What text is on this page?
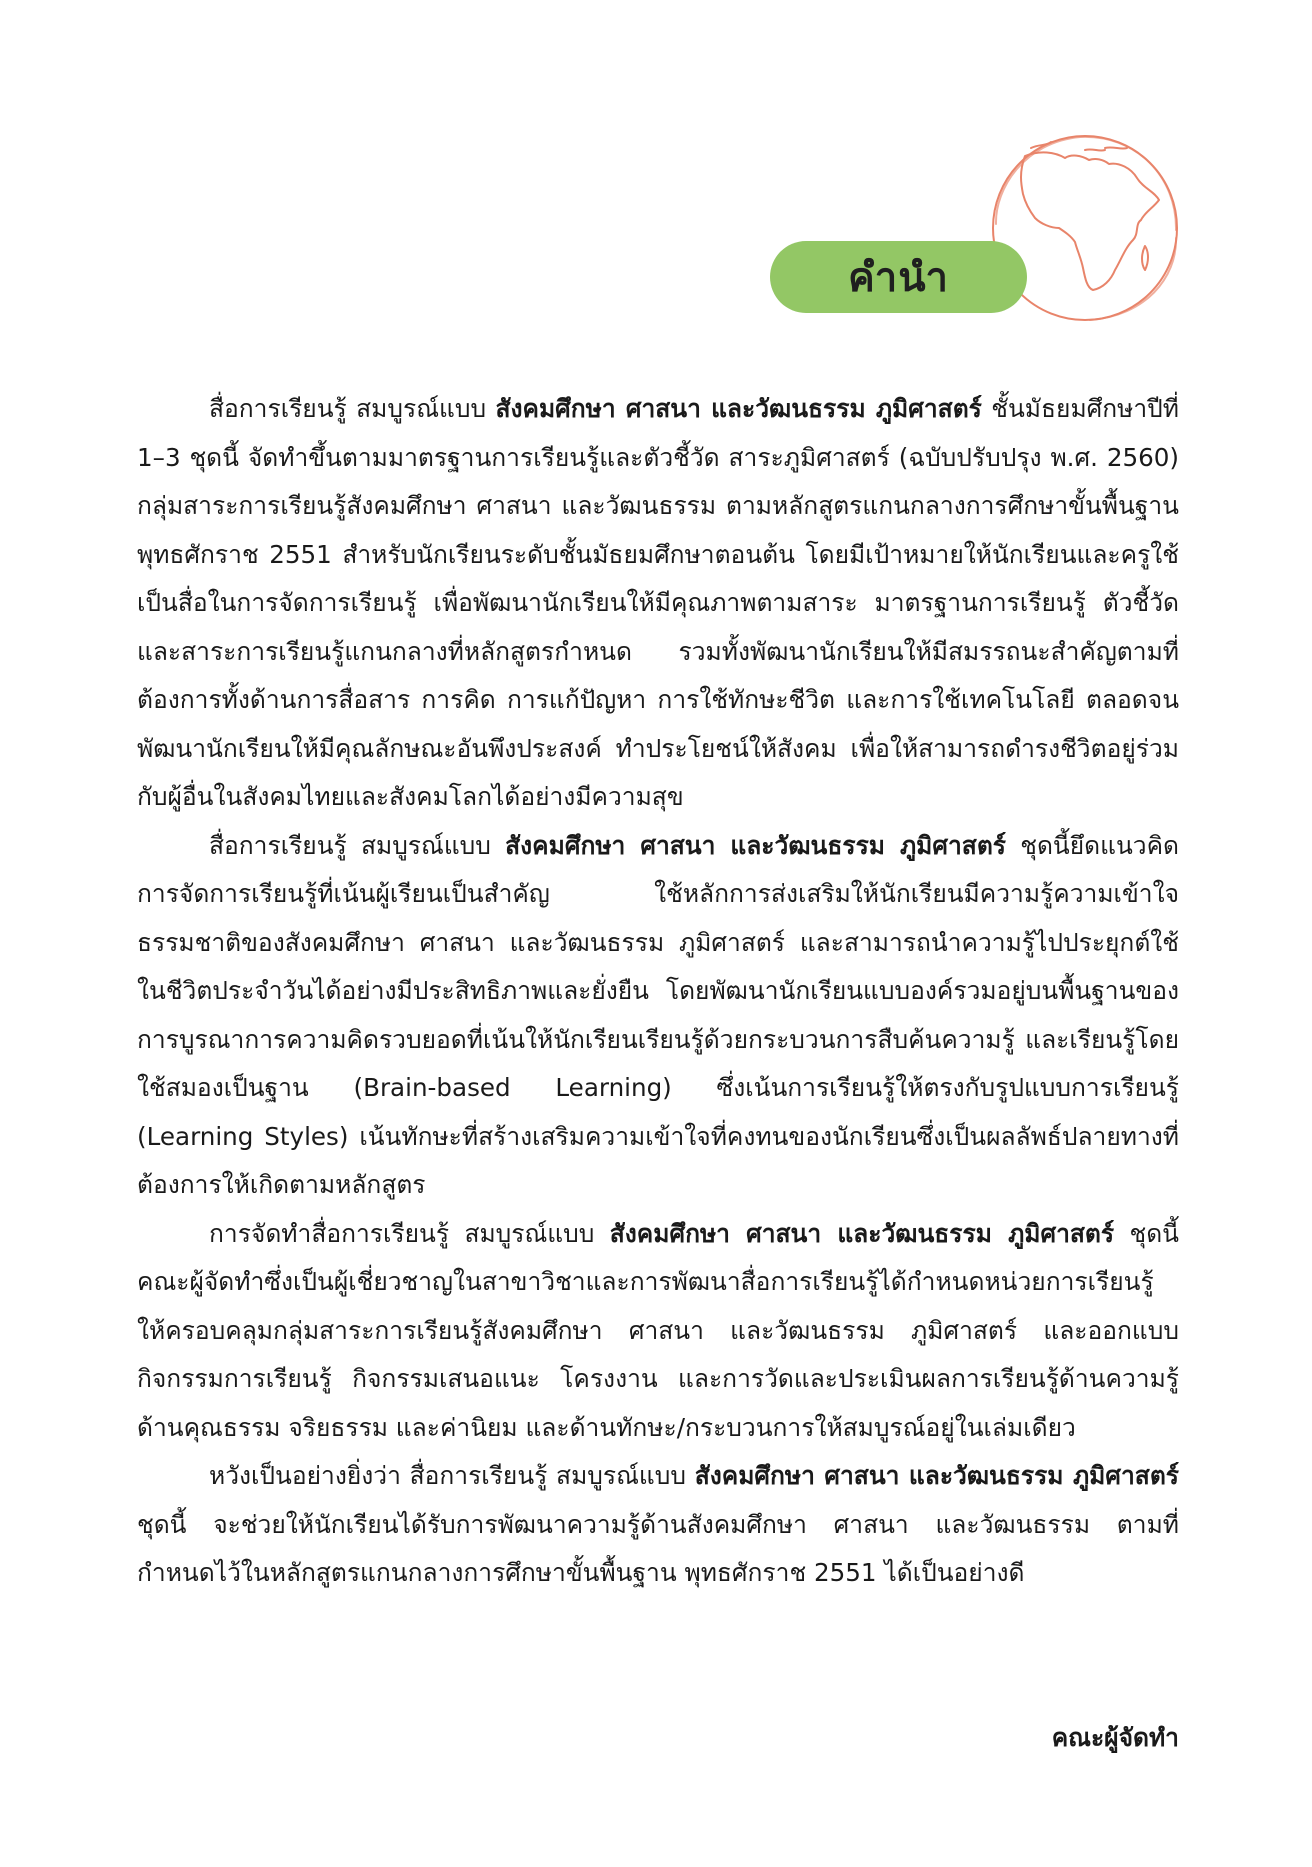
คำนำ

สื่อการเรียนรู้ สมบูรณ์แบบ สังคมศึกษา ศาสนา และวัฒนธรรม ภูมิศาสตร์ ชั้นมัธยมศึกษาปีที่ 1–3 ชุดนี้ จัดทำขึ้นตามมาตรฐานการเรียนรู้และตัวชี้วัด สาระภูมิศาสตร์ (ฉบับปรับปรุง พ.ศ. 2560) กลุ่มสาระการเรียนรู้สังคมศึกษา ศาสนา และวัฒนธรรม ตามหลักสูตรแกนกลางการศึกษาขั้นพื้นฐาน พุทธศักราช 2551 สำหรับนักเรียนระดับชั้นมัธยมศึกษาตอนต้น โดยมีเป้าหมายให้นักเรียนและครูใช้เป็นสื่อในการจัดการเรียนรู้ เพื่อพัฒนานักเรียนให้มีคุณภาพตามสาระ มาตรฐานการเรียนรู้ ตัวชี้วัด และสาระการเรียนรู้แกนกลางที่หลักสูตรกำหนด รวมทั้งพัฒนานักเรียนให้มีสมรรถนะสำคัญตามที่ต้องการทั้งด้านการสื่อสาร การคิด การแก้ปัญหา การใช้ทักษะชีวิต และการใช้เทคโนโลยี ตลอดจนพัฒนานักเรียนให้มีคุณลักษณะอันพึงประสงค์ ทำประโยชน์ให้สังคม เพื่อให้สามารถดำรงชีวิตอยู่ร่วมกับผู้อื่นในสังคมไทยและสังคมโลกได้อย่างมีความสุข

สื่อการเรียนรู้ สมบูรณ์แบบ สังคมศึกษา ศาสนา และวัฒนธรรม ภูมิศาสตร์ ชุดนี้ยึดแนวคิดการจัดการเรียนรู้ที่เน้นผู้เรียนเป็นสำคัญ ใช้หลักการส่งเสริมให้นักเรียนมีความรู้ความเข้าใจธรรมชาติของสังคมศึกษา ศาสนา และวัฒนธรรม ภูมิศาสตร์ และสามารถนำความรู้ไปประยุกต์ใช้ในชีวิตประจำวันได้อย่างมีประสิทธิภาพและยั่งยืน โดยพัฒนานักเรียนแบบองค์รวมอยู่บนพื้นฐานของการบูรณาการความคิดรวบยอดที่เน้นให้นักเรียนเรียนรู้ด้วยกระบวนการสืบค้นความรู้ และเรียนรู้โดยใช้สมองเป็นฐาน (Brain-based Learning) ซึ่งเน้นการเรียนรู้ให้ตรงกับรูปแบบการเรียนรู้ (Learning Styles) เน้นทักษะที่สร้างเสริมความเข้าใจที่คงทนของนักเรียนซึ่งเป็นผลลัพธ์ปลายทางที่ต้องการให้เกิดตามหลักสูตร

การจัดทำสื่อการเรียนรู้ สมบูรณ์แบบ สังคมศึกษา ศาสนา และวัฒนธรรม ภูมิศาสตร์ ชุดนี้ คณะผู้จัดทำซึ่งเป็นผู้เชี่ยวชาญในสาขาวิชาและการพัฒนาสื่อการเรียนรู้ได้กำหนดหน่วยการเรียนรู้ให้ครอบคลุมกลุ่มสาระการเรียนรู้สังคมศึกษา ศาสนา และวัฒนธรรม ภูมิศาสตร์ และออกแบบกิจกรรมการเรียนรู้ กิจกรรมเสนอแนะ โครงงาน และการวัดและประเมินผลการเรียนรู้ด้านความรู้ ด้านคุณธรรม จริยธรรม และค่านิยม และด้านทักษะ/กระบวนการให้สมบูรณ์อยู่ในเล่มเดียว

หวังเป็นอย่างยิ่งว่า สื่อการเรียนรู้ สมบูรณ์แบบ สังคมศึกษา ศาสนา และวัฒนธรรม ภูมิศาสตร์ ชุดนี้ จะช่วยให้นักเรียนได้รับการพัฒนาความรู้ด้านสังคมศึกษา ศาสนา และวัฒนธรรม ตามที่กำหนดไว้ในหลักสูตรแกนกลางการศึกษาขั้นพื้นฐาน พุทธศักราช 2551 ได้เป็นอย่างดี

คณะผู้จัดทำ
